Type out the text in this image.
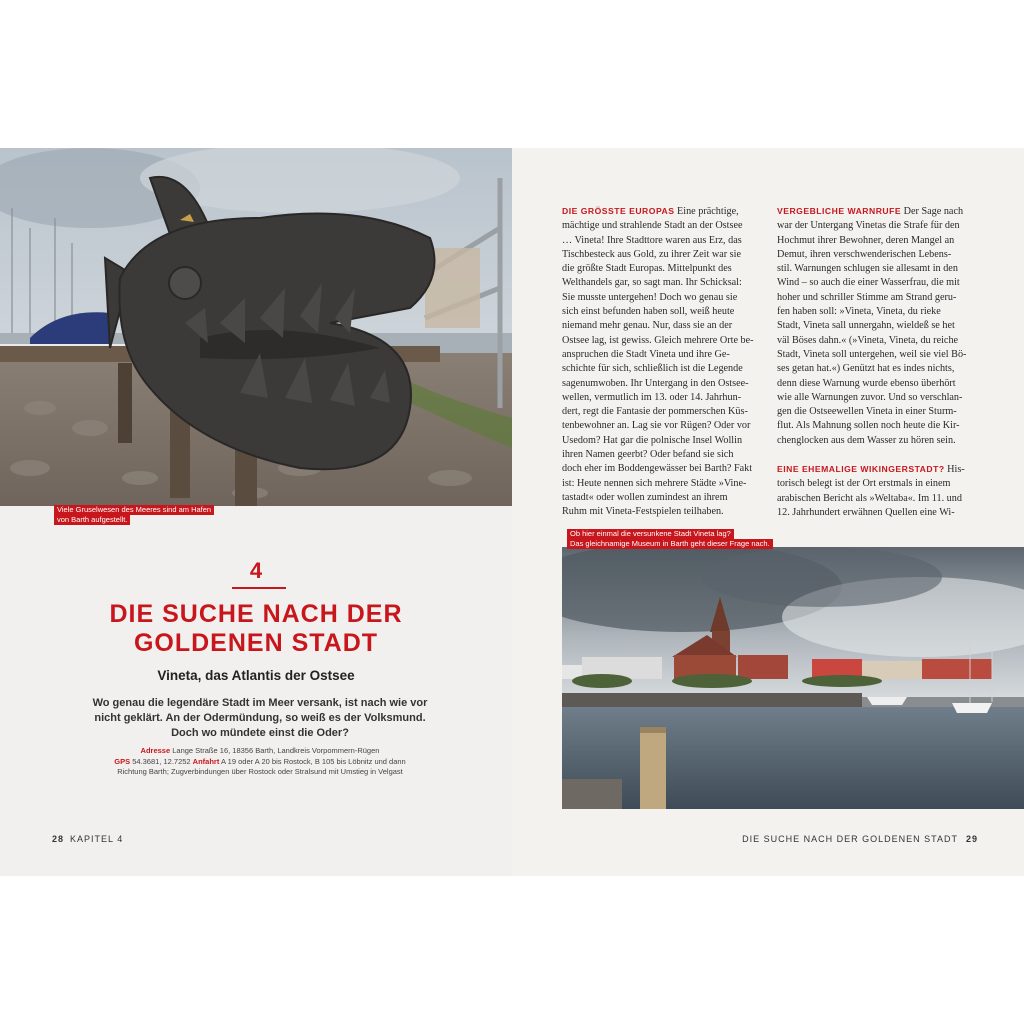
Viele Gruselwesen des Meeres sind am Hafen
von Barth aufgestellt.
4
DIE SUCHE NACH DER
GOLDENEN STADT
Vineta, das Atlantis der Ostsee
Wo genau die legendäre Stadt im Meer versank, ist nach wie vor
nicht geklärt. An der Odermündung, so weiß es der Volksmund.
Doch wo mündete einst die Oder?
Adresse Lange Straße 16, 18356 Barth, Landkreis Vorpommern-Rügen
GPS 54.3681, 12.7252 Anfahrt A 19 oder A 20 bis Rostock, B 105 bis Löbnitz und dann
Richtung Barth; Zugverbindungen über Rostock oder Stralsund mit Umstieg in Velgast
28 KAPITEL 4

DIE GRÖSSTE EUROPAS Eine prächtige,

mächtige und strahlende Stadt an der Ostsee

… Vineta! Ihre Stadttore waren aus Erz, das

Tischbesteck aus Gold, zu ihrer Zeit war sie

die größte Stadt Europas. Mittelpunkt des

Welthandels gar, so sagt man. Ihr Schicksal:

Sie musste untergehen! Doch wo genau sie

sich einst befunden haben soll, weiß heute

niemand mehr genau. Nur, dass sie an der

Ostsee lag, ist gewiss. Gleich mehrere Orte be-

anspruchen die Stadt Vineta und ihre Ge-

schichte für sich, schließlich ist die Legende

sagenumwoben. Ihr Untergang in den Ostsee-

wellen, vermutlich im 13. oder 14. Jahrhun-

dert, regt die Fantasie der pommerschen Küs-

tenbewohner an. Lag sie vor Rügen? Oder vor

Usedom? Hat gar die polnische Insel Wollin

ihren Namen geerbt? Oder befand sie sich

doch eher im Boddengewässer bei Barth? Fakt

ist: Heute nennen sich mehrere Städte »Vine-

tastadt« oder wollen zumindest an ihrem

Ruhm mit Vineta-Festspielen teilhaben.

VERGEBLICHE WARNRUFE Der Sage nach

war der Untergang Vinetas die Strafe für den

Hochmut ihrer Bewohner, deren Mangel an

Demut, ihren verschwenderischen Lebens-

stil. Warnungen schlugen sie allesamt in den

Wind – so auch die einer Wasserfrau, die mit

hoher und schriller Stimme am Strand geru-

fen haben soll: »Vineta, Vineta, du rieke

Stadt, Vineta sall unnergahn, wieldeß se het

väl Böses dahn.« (»Vineta, Vineta, du reiche

Stadt, Vineta soll untergehen, weil sie viel Bö-

ses getan hat.«) Genützt hat es indes nichts,

denn diese Warnung wurde ebenso überhört

wie alle Warnungen zuvor. Und so verschlan-

gen die Ostseewellen Vineta in einer Sturm-

flut. Als Mahnung sollen noch heute die Kir-

chenglocken aus dem Wasser zu hören sein.

EINE EHEMALIGE WIKINGERSTADT? His-

torisch belegt ist der Ort erstmals in einem

arabischen Bericht als »Weltaba«. Im 11. und

12. Jahrhundert erwähnen Quellen eine Wi-

Ob hier einmal die versunkene Stadt Vineta lag?
Das gleichnamige Museum in Barth geht dieser Frage nach.
DIE SUCHE NACH DER GOLDENEN STADT 29
